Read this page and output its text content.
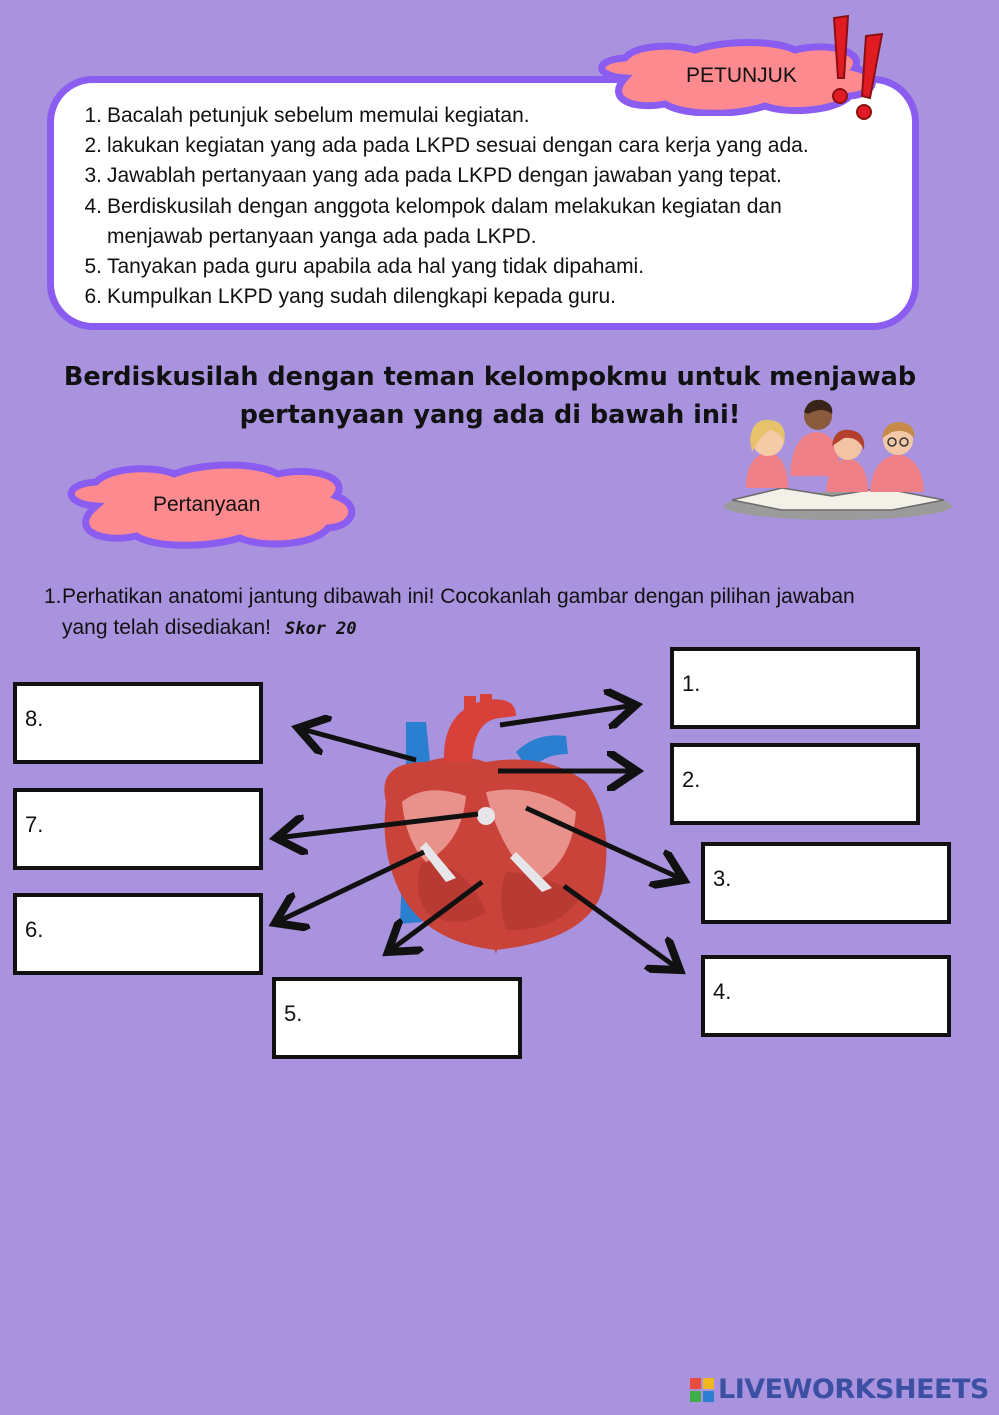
PETUNJUK
1. Bacalah petunjuk sebelum memulai kegiatan.
2. lakukan kegiatan yang ada pada LKPD sesuai dengan cara kerja yang ada.
3. Jawablah pertanyaan yang ada pada LKPD dengan jawaban yang tepat.
4. Berdiskusilah dengan anggota kelompok dalam melakukan kegiatan dan menjawab pertanyaan yanga ada pada LKPD.
5. Tanyakan pada guru apabila ada hal yang tidak dipahami.
6. Kumpulkan LKPD yang sudah dilengkapi kepada guru.
Berdiskusilah dengan teman kelompokmu untuk menjawab
pertanyaan yang ada di bawah ini!
Pertanyaan
1. Perhatikan anatomi jantung dibawah ini! Cocokanlah gambar dengan pilihan jawaban
yang telah disediakan! Skor 20
1.
2.
3.
4.
5.
6.
7.
8.
LIVEWORKSHEETS
